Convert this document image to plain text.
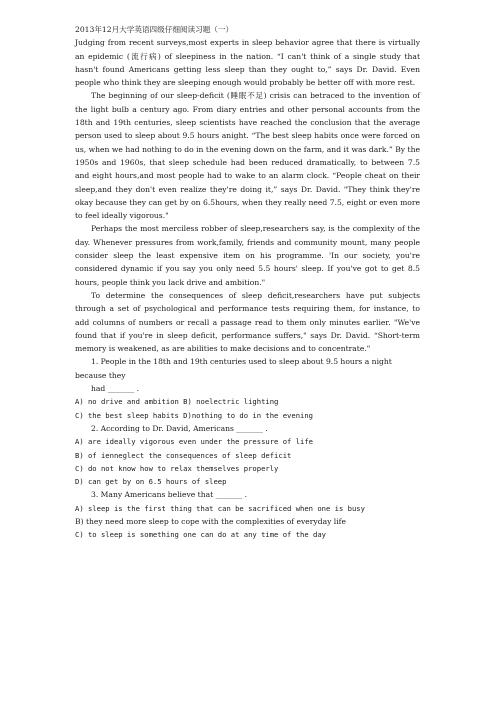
2013年12月大学英语四级仔细阅读习题（一）

Judging from recent surveys,most experts in sleep behavior agree that there is virtually an epidemic (流行病) of sleepiness in the nation. “I can't think of a single study that hasn't found Americans getting less sleep than they ought to,” says Dr. David. Even people who think they are sleeping enough would probably be better off with more rest.

The beginning of our sleep-deficit (睡眠不足) crisis can betraced to the invention of the light bulb a century ago. From diary entries and other personal accounts from the 18th and 19th centuries, sleep scientists have reached the conclusion that the average person used to sleep about 9.5 hours anight. “The best sleep habits once were forced on us, when we had nothing to do in the evening down on the farm, and it was dark.” By the 1950s and 1960s, that sleep schedule had been reduced dramatically, to between 7.5 and eight hours,and most people had to wake to an alarm clock. “People cheat on their sleep,and they don't even realize they're doing it,” says Dr. David. "They think they're okay because they can get by on 6.5hours, when they really need 7.5, eight or even more to feel ideally vigorous."

Perhaps the most merciless robber of sleep,researchers say, is the complexity of the day. Whenever pressures from work,family, friends and community mount, many people consider sleep the least expensive item on his programme. 'In our society, you're considered dynamic if you say you only need 5.5 hours' sleep. If you've got to get 8.5 hours, people think you lack drive and ambition."

To determine the consequences of sleep deficit,researchers have put subjects through a set of psychological and performance tests requiring them, for instance, to add columns of numbers or recall a passage read to them only minutes earlier. "We've found that if you're in sleep deficit, performance suffers," says Dr. David. “Short-term memory is weakened, as are abilities to make decisions and to concentrate."

1. People in the 18th and 19th centuries used to sleep about 9.5 hours a night because they

had _______ .

A) no drive and ambition B) noelectric lighting

C) the best sleep habits D)nothing to do in the evening

2. According to Dr. David, Americans _______ .

A) are ideally vigorous even under the pressure of life

B) of ienneglect the consequences of sleep deficit

C) do not know how to relax themselves properly

D) can get by on 6.5 hours of sleep

3. Many Americans believe that _______ .

A) sleep is the first thing that can be sacrificed when one is busy

B) they need more sleep to cope with the complexities of everyday life

C) to sleep is something one can do at any time of the day
